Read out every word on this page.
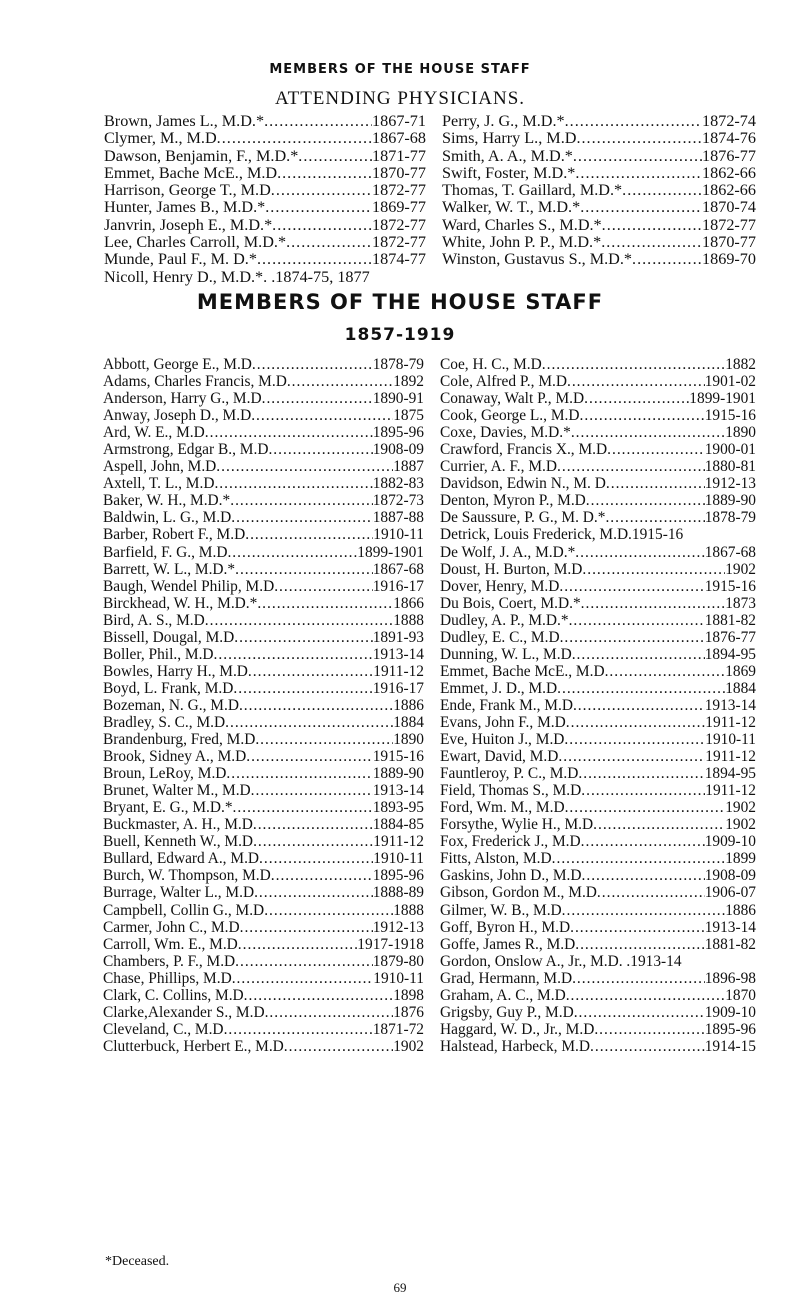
MEMBERS OF THE HOUSE STAFF
ATTENDING PHYSICIANS.
Brown, James L., M.D.* .....	1867-71
Clymer, M., M.D .....	1867-68
Dawson, Benjamin, F., M.D.* .....	1871-77
Emmet, Bache McE., M.D .....	1870-77
Harrison, George T., M.D .....	1872-77
Hunter, James B., M.D.* .....	1869-77
Janvrin, Joseph E., M.D.* .....	1872-77
Lee, Charles Carroll, M.D.* .....	1872-77
Munde, Paul F., M. D.* .....	1874-77
Nicoll, Henry D., M.D.*. .1874-75, 1877
Perry, J. G., M.D.* .....	1872-74
Sims, Harry L., M.D .....	1874-76
Smith, A. A., M.D.* .....	1876-77
Swift, Foster, M.D.* .....	1862-66
Thomas, T. Gaillard, M.D.* .....	1862-66
Walker, W. T., M.D.* .....	1870-74
Ward, Charles S., M.D.* .....	1872-77
White, John P. P., M.D.* .....	1870-77
Winston, Gustavus S., M.D.* .....	1869-70
MEMBERS OF THE HOUSE STAFF
1857-1919
Abbott, George E., M.D .....	1878-79
Adams, Charles Francis, M.D .....	1892
Anderson, Harry G., M.D .....	1890-91
Anway, Joseph D., M.D .....	1875
Ard, W. E., M.D .....	1895-96
Armstrong, Edgar B., M.D .....	1908-09
Aspell, John, M.D .....	1887
Axtell, T. L., M.D .....	1882-83
Baker, W. H., M.D.* .....	1872-73
Baldwin, L. G., M.D .....	1887-88
Barber, Robert F., M.D .....	1910-11
Barfield, F. G., M.D .....	1899-1901
Barrett, W. L., M.D.* .....	1867-68
Baugh, Wendel Philip, M.D .....	1916-17
Birckhead, W. H., M.D.* .....	1866
Bird, A. S., M.D .....	1888
Bissell, Dougal, M.D .....	1891-93
Boller, Phil., M.D .....	1913-14
Bowles, Harry H., M.D .....	1911-12
Boyd, L. Frank, M.D .....	1916-17
Bozeman, N. G., M.D .....	1886
Bradley, S. C., M.D .....	1884
Brandenburg, Fred, M.D .....	1890
Brook, Sidney A., M.D .....	1915-16
Broun, LeRoy, M.D .....	1889-90
Brunet, Walter M., M.D .....	1913-14
Bryant, E. G., M.D.* .....	1893-95
Buckmaster, A. H., M.D .....	1884-85
Buell, Kenneth W., M.D .....	1911-12
Bullard, Edward A., M.D .....	1910-11
Burch, W. Thompson, M.D .....	1895-96
Burrage, Walter L., M.D .....	1888-89
Campbell, Collin G., M.D .....	1888
Carmer, John C., M.D .....	1912-13
Carroll, Wm. E., M.D .....	1917-1918
Chambers, P. F., M.D .....	1879-80
Chase, Phillips, M.D .....	1910-11
Clark, C. Collins, M.D .....	1898
Clarke,Alexander S., M.D .....	1876
Cleveland, C., M.D .....	1871-72
Clutterbuck, Herbert E., M.D .....	1902
Coe, H. C., M.D .....	1882
Cole, Alfred P., M.D .....	1901-02
Conaway, Walt P., M.D .....	1899-1901
Cook, George L., M.D .....	1915-16
Coxe, Davies, M.D.* .....	1890
Crawford, Francis X., M.D .....	1900-01
Currier, A. F., M.D .....	1880-81
Davidson, Edwin N., M. D .....	1912-13
Denton, Myron P., M.D .....	1889-90
De Saussure, P. G., M. D.* .....	1878-79
Detrick, Louis Frederick, M.D.1915-16
De Wolf, J. A., M.D.* .....	1867-68
Doust, H. Burton, M.D .....	1902
Dover, Henry, M.D .....	1915-16
Du Bois, Coert, M.D.* .....	1873
Dudley, A. P., M.D.* .....	1881-82
Dudley, E. C., M.D .....	1876-77
Dunning, W. L., M.D .....	1894-95
Emmet, Bache McE., M.D .....	1869
Emmet, J. D., M.D .....	1884
Ende, Frank M., M.D .....	1913-14
Evans, John F., M.D .....	1911-12
Eve, Huiton J., M.D .....	1910-11
Ewart, David, M.D .....	1911-12
Fauntleroy, P. C., M.D .....	1894-95
Field, Thomas S., M.D .....	1911-12
Ford, Wm. M., M.D .....	1902
Forsythe, Wylie H., M.D .....	1902
Fox, Frederick J., M.D .....	1909-10
Fitts, Alston, M.D .....	1899
Gaskins, John D., M.D .....	1908-09
Gibson, Gordon M., M.D .....	1906-07
Gilmer, W. B., M.D .....	1886
Goff, Byron H., M.D .....	1913-14
Goffe, James R., M.D .....	1881-82
Gordon, Onslow A., Jr., M.D. .1913-14
Grad, Hermann, M.D .....	1896-98
Graham, A. C., M.D .....	1870
Grigsby, Guy P., M.D .....	1909-10
Haggard, W. D., Jr., M.D .....	1895-96
Halstead, Harbeck, M.D .....	1914-15
*Deceased.
69
